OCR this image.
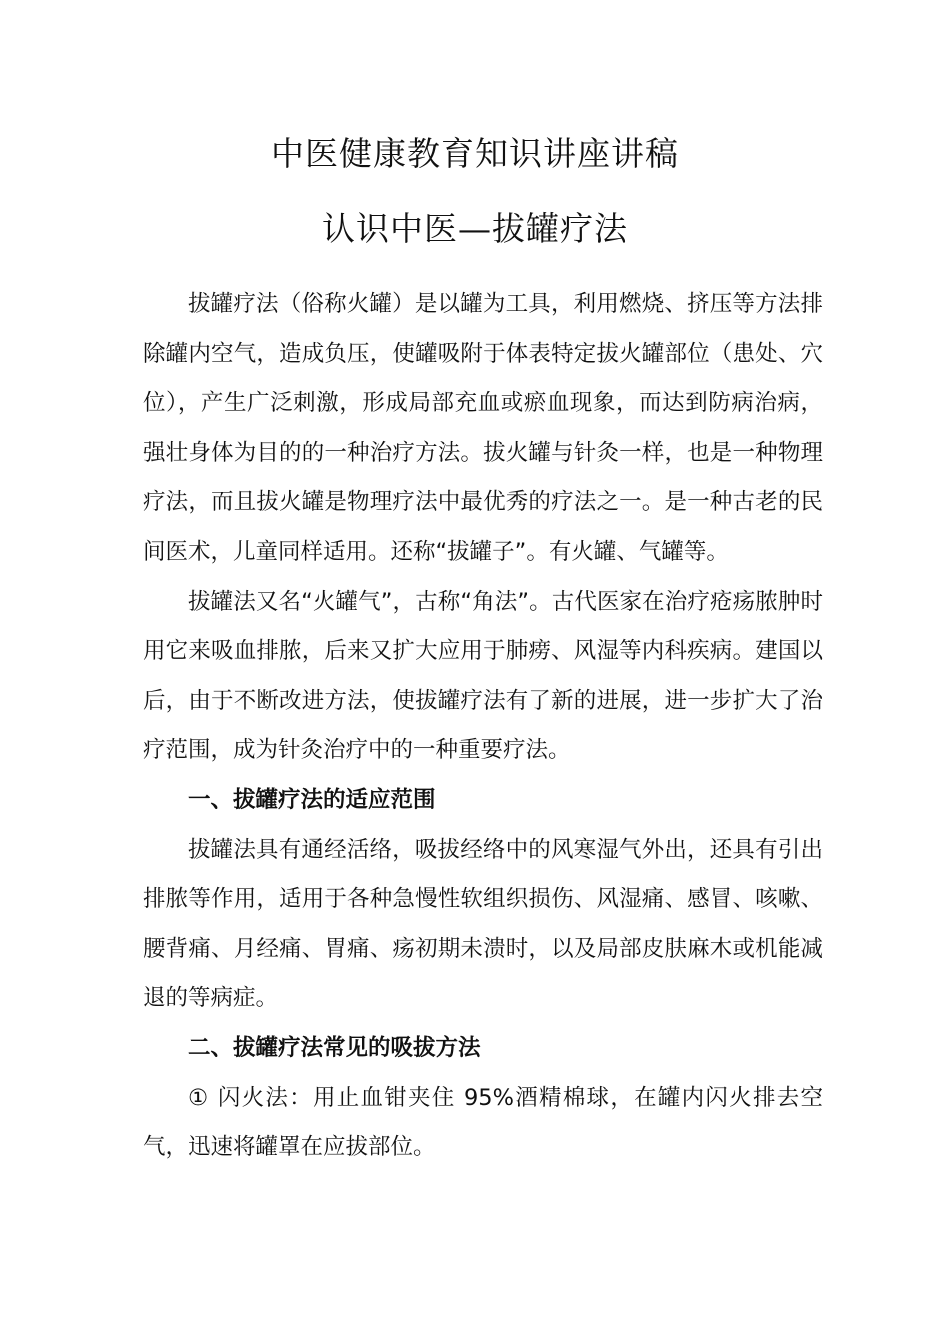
中医健康教育知识讲座讲稿
认识中医—拔罐疗法

拔罐疗法（俗称火罐）是以罐为工具，利用燃烧、挤压等方法排除罐内空气，造成负压，使罐吸附于体表特定拔火罐部位（患处、穴位），产生广泛刺激，形成局部充血或瘀血现象，而达到防病治病，强壮身体为目的的一种治疗方法。拔火罐与针灸一样，也是一种物理疗法，而且拔火罐是物理疗法中最优秀的疗法之一。是一种古老的民间医术，儿童同样适用。还称“拔罐子”。有火罐、气罐等。

拔罐法又名“火罐气”，古称“角法”。古代医家在治疗疮疡脓肿时用它来吸血排脓，后来又扩大应用于肺痨、风湿等内科疾病。建国以后，由于不断改进方法，使拔罐疗法有了新的进展，进一步扩大了治疗范围，成为针灸治疗中的一种重要疗法。

一、拔罐疗法的适应范围

拔罐法具有通经活络，吸拔经络中的风寒湿气外出，还具有引出排脓等作用，适用于各种急慢性软组织损伤、风湿痛、感冒、咳嗽、腰背痛、月经痛、胃痛、疡初期未溃时，以及局部皮肤麻木或机能减退的等病症。

二、拔罐疗法常见的吸拔方法

① 闪火法：用止血钳夹住 95%酒精棉球，在罐内闪火排去空气，迅速将罐罩在应拔部位。
